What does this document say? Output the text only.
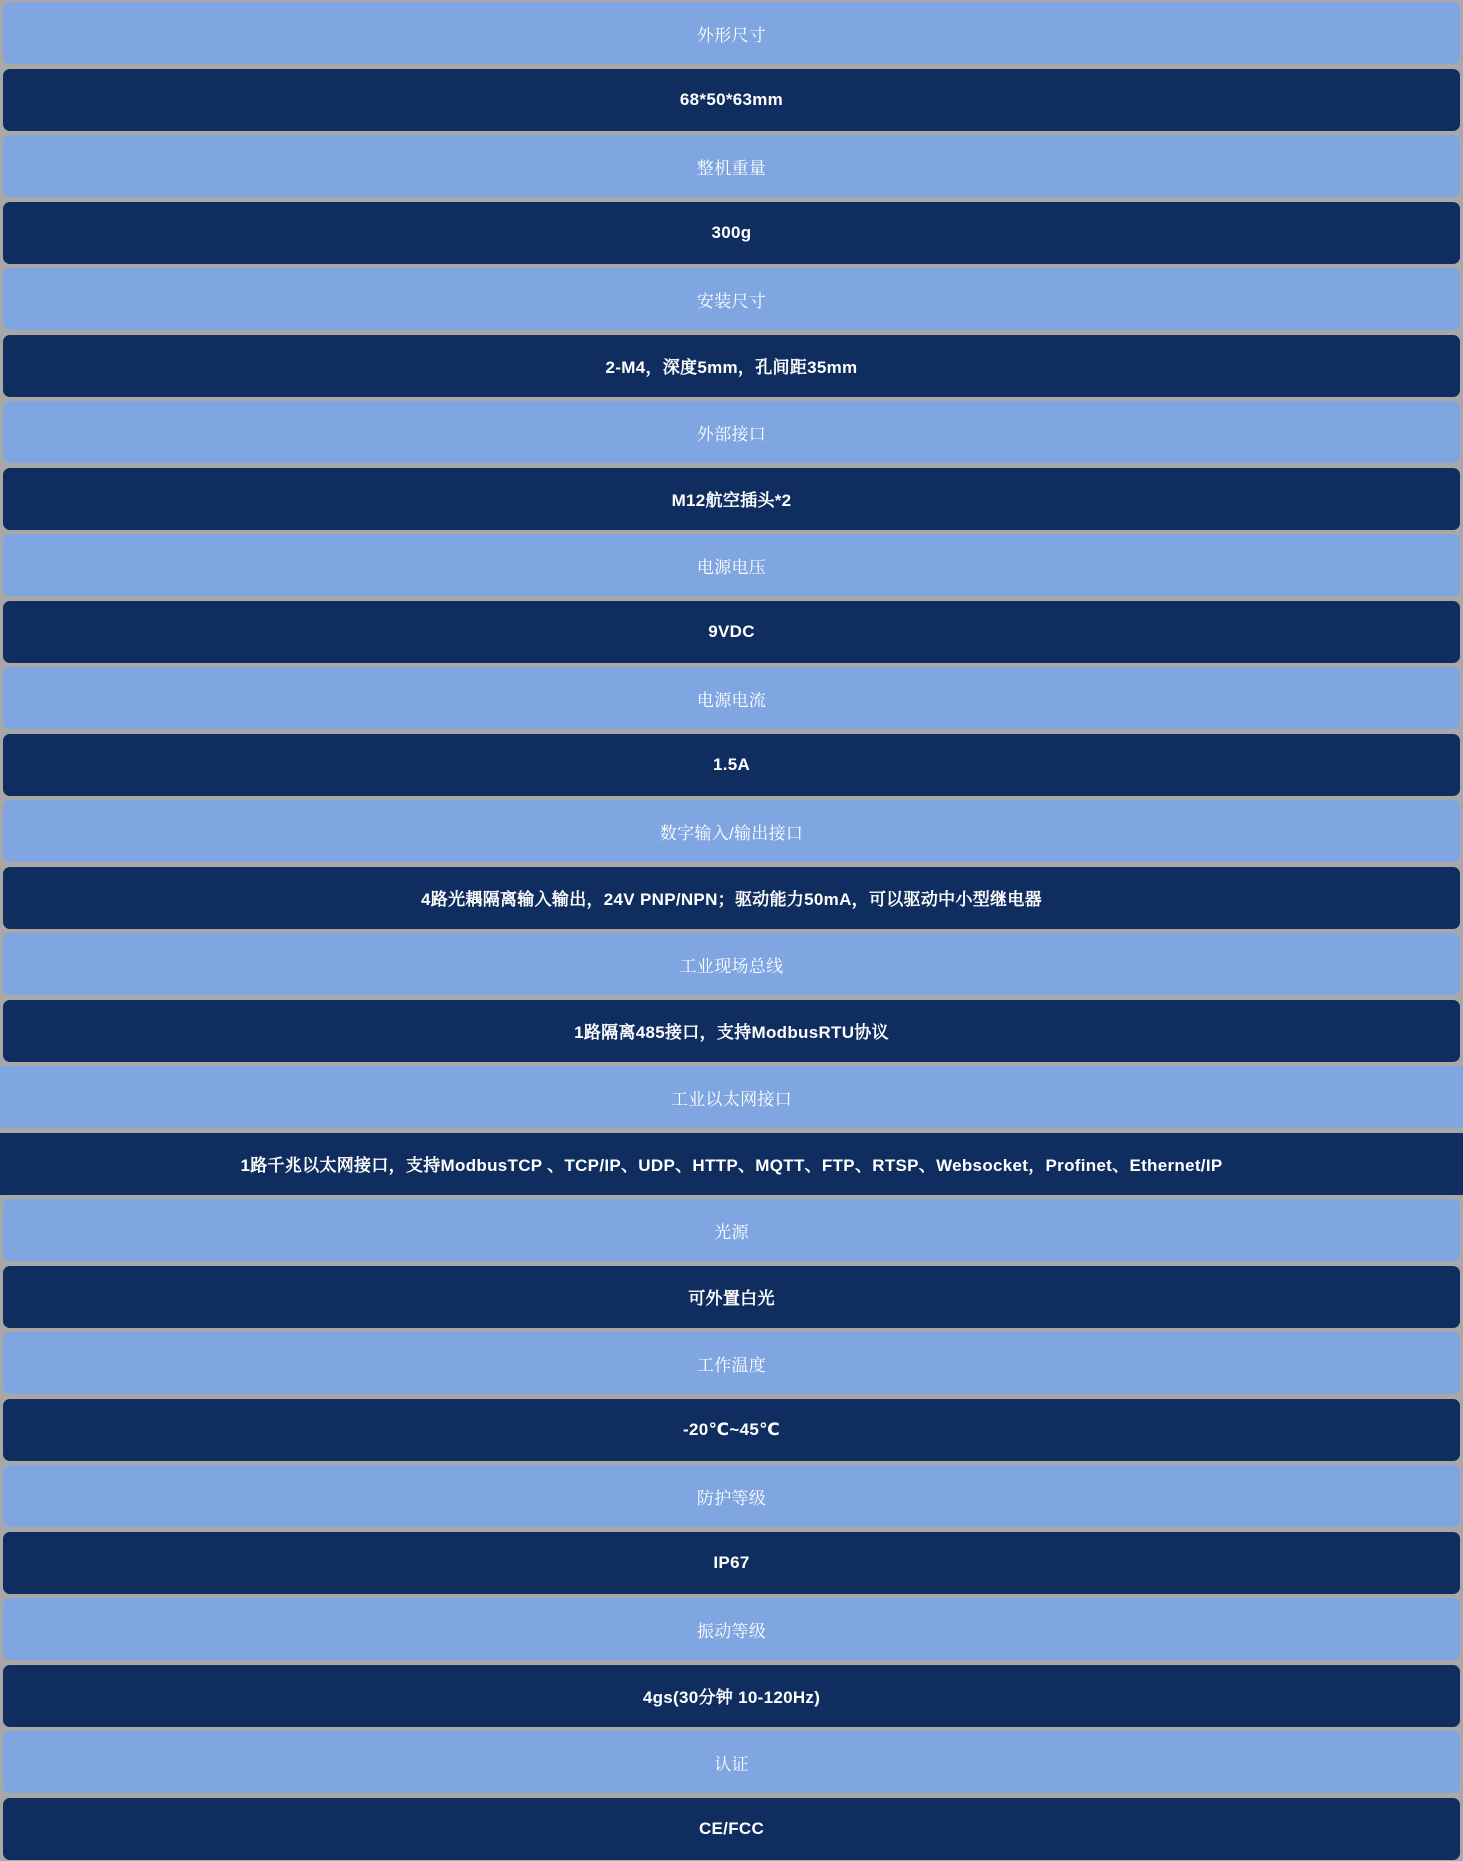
外形尺寸
68*50*63mm
整机重量
300g
安装尺寸
2-M4，深度5mm，孔间距35mm
外部接口
M12航空插头*2
电源电压
9VDC
电源电流
1.5A
数字输入/输出接口
4路光耦隔离输入输出，24V PNP/NPN；驱动能力50mA，可以驱动中小型继电器
工业现场总线
1路隔离485接口，支持ModbusRTU协议
工业以太网接口
1路千兆以太网接口，支持ModbusTCP 、TCP/IP、UDP、HTTP、MQTT、FTP、RTSP、Websocket，Profinet、Ethernet/IP
光源
可外置白光
工作温度
-20℃~45℃
防护等级
IP67
振动等级
4gs(30分钟 10-120Hz)
认证
CE/FCC
